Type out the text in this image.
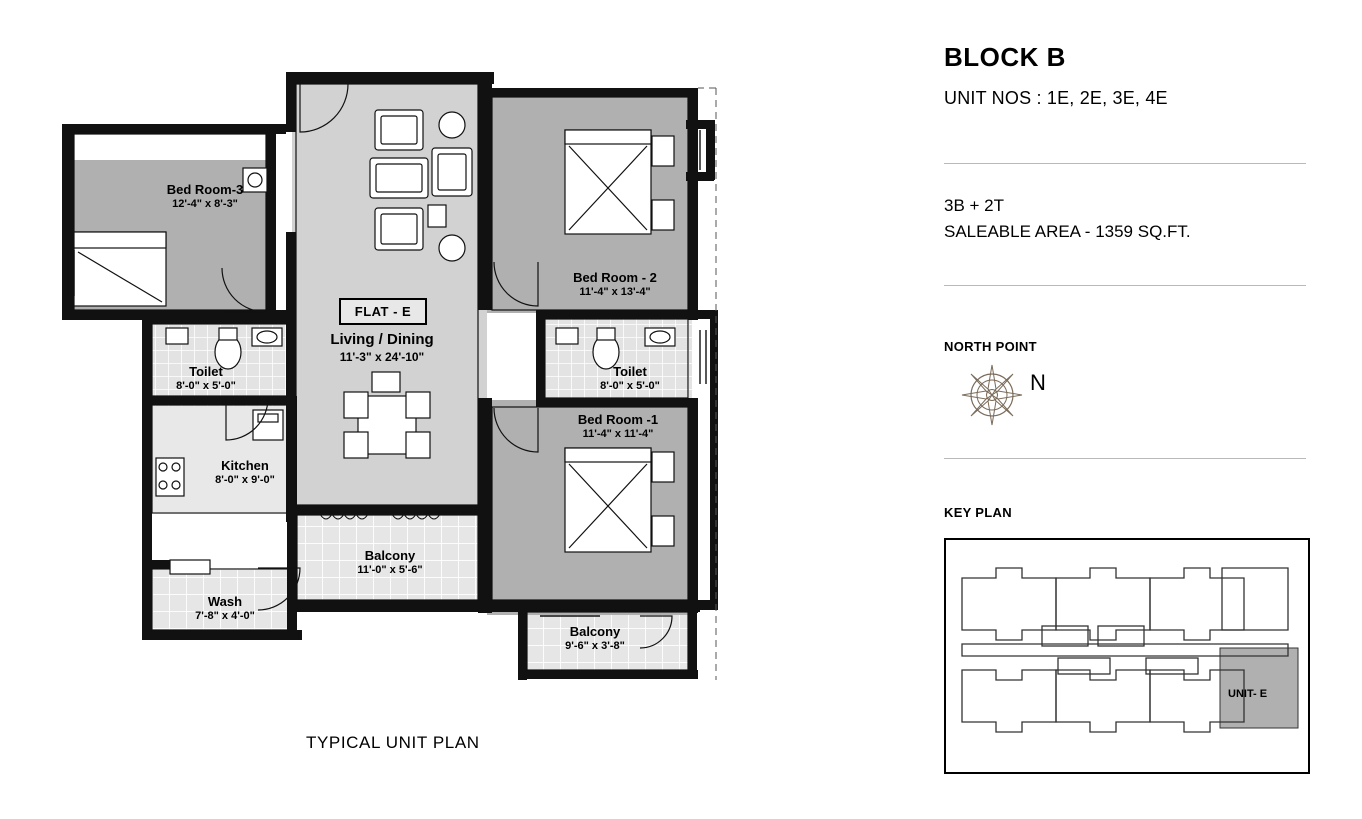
FLAT - E
Bed Room-3
12'-4" x 8'-3"
Living / Dining
11'-3" x 24'-10"
Bed Room - 2
11'-4" x 13'-4"
Toilet
8'-0" x 5'-0"
Toilet
8'-0" x 5'-0"
Bed Room -1
11'-4" x 11'-4"
Kitchen
8'-0" x 9'-0"
Balcony
11'-0" x 5'-6"
Wash
7'-8" x 4'-0"
Balcony
9'-6" x 3'-8"
TYPICAL UNIT PLAN
BLOCK B
UNIT NOS : 1E, 2E, 3E, 4E
3B + 2T
SALEABLE AREA - 1359 SQ.FT.
NORTH POINT
N
KEY PLAN
UNIT- E
